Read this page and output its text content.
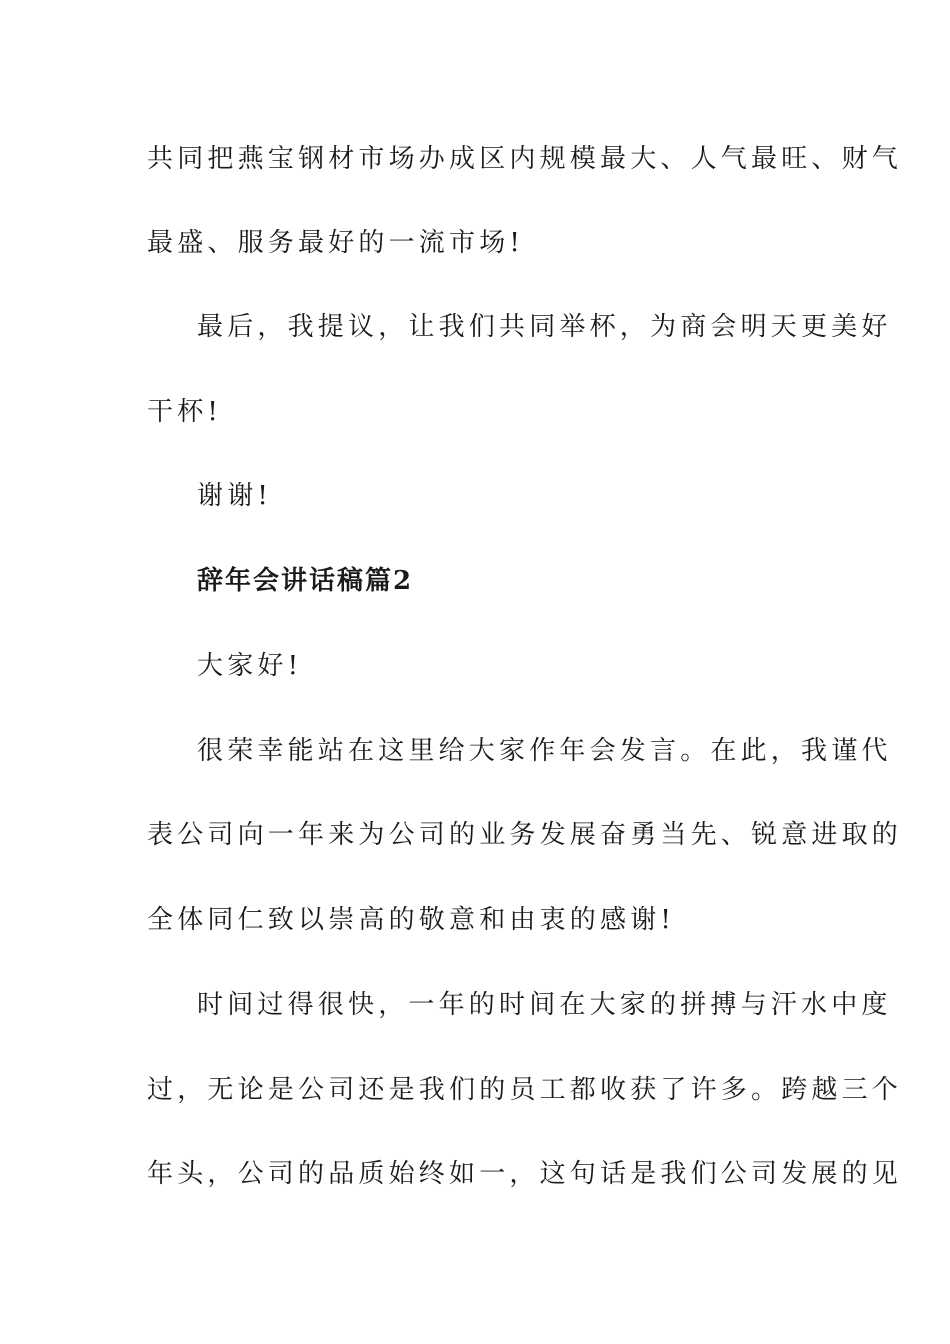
共同把燕宝钢材市场办成区内规模最大、人气最旺、财气
最盛、服务最好的一流市场!
最后，我提议，让我们共同举杯，为商会明天更美好
干杯!
谢谢!
辞年会讲话稿篇2
大家好!
很荣幸能站在这里给大家作年会发言。在此，我谨代
表公司向一年来为公司的业务发展奋勇当先、锐意进取的
全体同仁致以崇高的敬意和由衷的感谢!
时间过得很快，一年的时间在大家的拼搏与汗水中度
过，无论是公司还是我们的员工都收获了许多。跨越三个
年头，公司的品质始终如一，这句话是我们公司发展的见
